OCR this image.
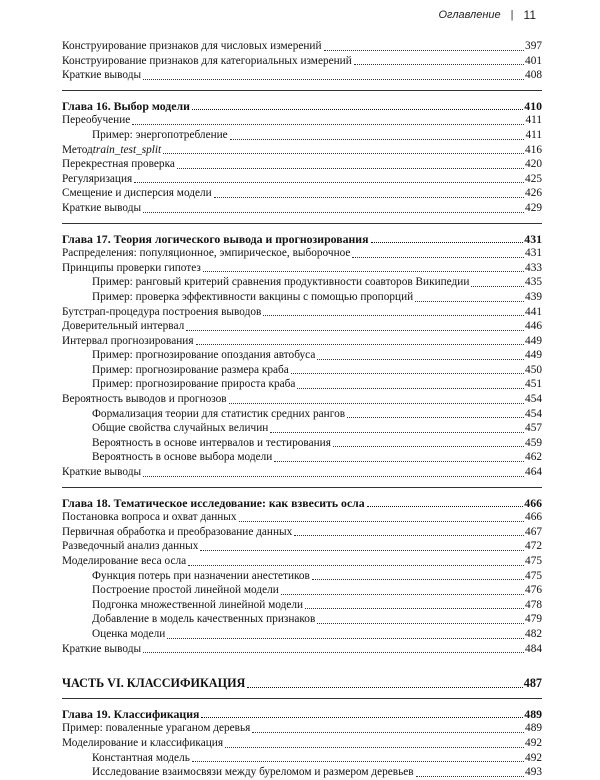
Оглавление | 11
Конструирование признаков для числовых измерений	397
Конструирование признаков для категориальных измерений	401
Краткие выводы	408
Глава 16. Выбор модели	410
Переобучение	411
Пример: энергопотребление	411
Метод train_test_split	416
Перекрестная проверка	420
Регуляризация	425
Смещение и дисперсия модели	426
Краткие выводы	429
Глава 17. Теория логического вывода и прогнозирования	431
Распределения: популяционное, эмпирическое, выборочное	431
Принципы проверки гипотез	433
Пример: ранговый критерий сравнения продуктивности соавторов Википедии	435
Пример: проверка эффективности вакцины с помощью пропорций	439
Бутстрап-процедура построения выводов	441
Доверительный интервал	446
Интервал прогнозирования	449
Пример: прогнозирование опоздания автобуса	449
Пример: прогнозирование размера краба	450
Пример: прогнозирование прироста краба	451
Вероятность выводов и прогнозов	454
Формализация теории для статистик средних рангов	454
Общие свойства случайных величин	457
Вероятность в основе интервалов и тестирования	459
Вероятность в основе выбора модели	462
Краткие выводы	464
Глава 18. Тематическое исследование: как взвесить осла	466
Постановка вопроса и охват данных	466
Первичная обработка и преобразование данных	467
Разведочный анализ данных	472
Моделирование веса осла	475
Функция потерь при назначении анестетиков	475
Построение простой линейной модели	476
Подгонка множественной линейной модели	478
Добавление в модель качественных признаков	479
Оценка модели	482
Краткие выводы	484
ЧАСТЬ VI. КЛАССИФИКАЦИЯ	487
Глава 19. Классификация	489
Пример: поваленные ураганом деревья	489
Моделирование и классификация	492
Константная модель	492
Исследование взаимосвязи между буреломом и размером деревьев	493
